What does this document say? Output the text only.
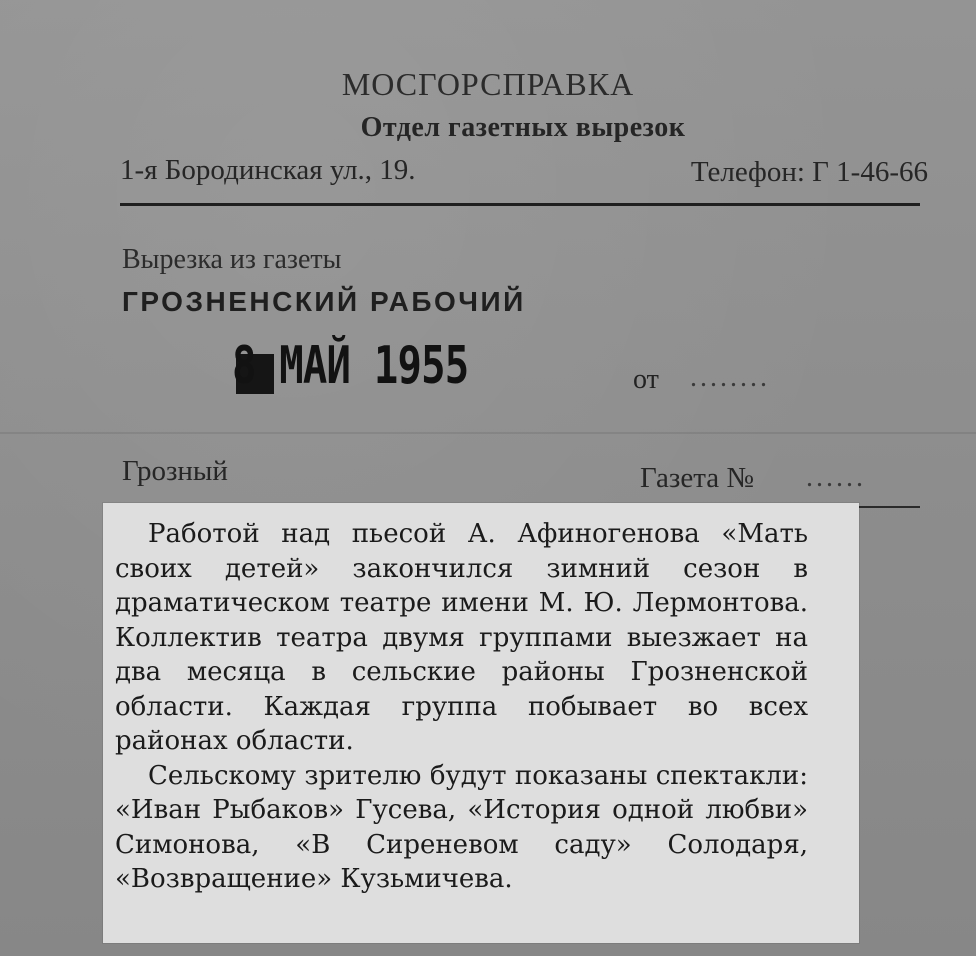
МОСГОРСПРАВКА
Отдел газетных вырезок
1-я Бородинская ул., 19.	Телефон: Г 1-46-66
Вырезка из газеты
ГРОЗНЕНСКИЙ РАБОЧИЙ
8 МАЙ 1955	от ........
Грозный	Газета № ......

Работой над пьесой А. Афиногенова «Мать своих детей» закончился зимний сезон в драматическом театре имени М. Ю. Лермонтова. Коллектив театра двумя группами выезжает на два месяца в сельские районы Грозненской области. Каждая группа побывает во всех районах области.

Сельскому зрителю будут показаны спектакли: «Иван Рыбаков» Гусева, «История одной любви» Симонова, «В Сиреневом саду» Солодаря, «Возвращение» Кузьмичева.
